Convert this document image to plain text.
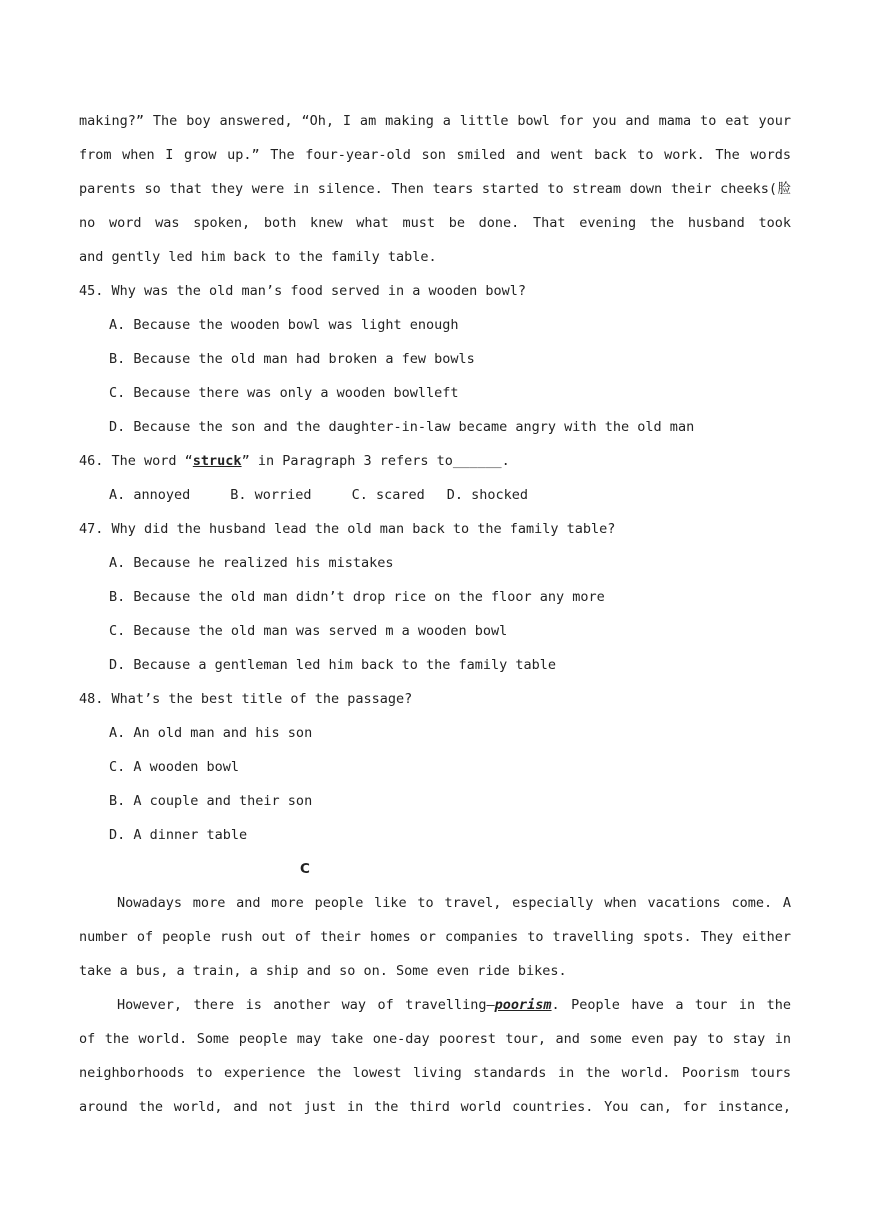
making?” The boy answered, “Oh, I am making a little bowl for you and mama to eat your
from when I grow up.” The four-year-old son smiled and went back to work. The words
parents so that they were in silence. Then tears started to stream down their cheeks(脸
no word was spoken, both knew what must be done. That evening the husband took
and gently led him back to the family table.
45. Why was the old man’s food served in a wooden bowl?
A. Because the wooden bowl was light enough
B. Because the old man had broken a few bowls
C. Because there was only a wooden bowlleft
D. Because the son and the daughter-in-law became angry with the old man
46. The word “struck” in Paragraph 3 refers to______.
A. annoyed	B. worried	C. scared D. shocked
47. Why did the husband lead the old man back to the family table?
A. Because he realized his mistakes
B. Because the old man didn’t drop rice on the floor any more
C. Because the old man was served m a wooden bowl
D. Because a gentleman led him back to the family table
48. What’s the best title of the passage?
A. An old man and his son
C. A wooden bowl
B. A couple and their son
D. A dinner table
C
Nowadays more and more people like to travel, especially when vacations come. A
number of people rush out of their homes or companies to travelling spots. They either
take a bus, a train, a ship and so on. Some even ride bikes.
However, there is another way of travelling—poorism. People have a tour in the
of the world. Some people may take one-day poorest tour, and some even pay to stay in
neighborhoods to experience the lowest living standards in the world. Poorism tours
around the world, and not just in the third world countries. You can, for instance,
